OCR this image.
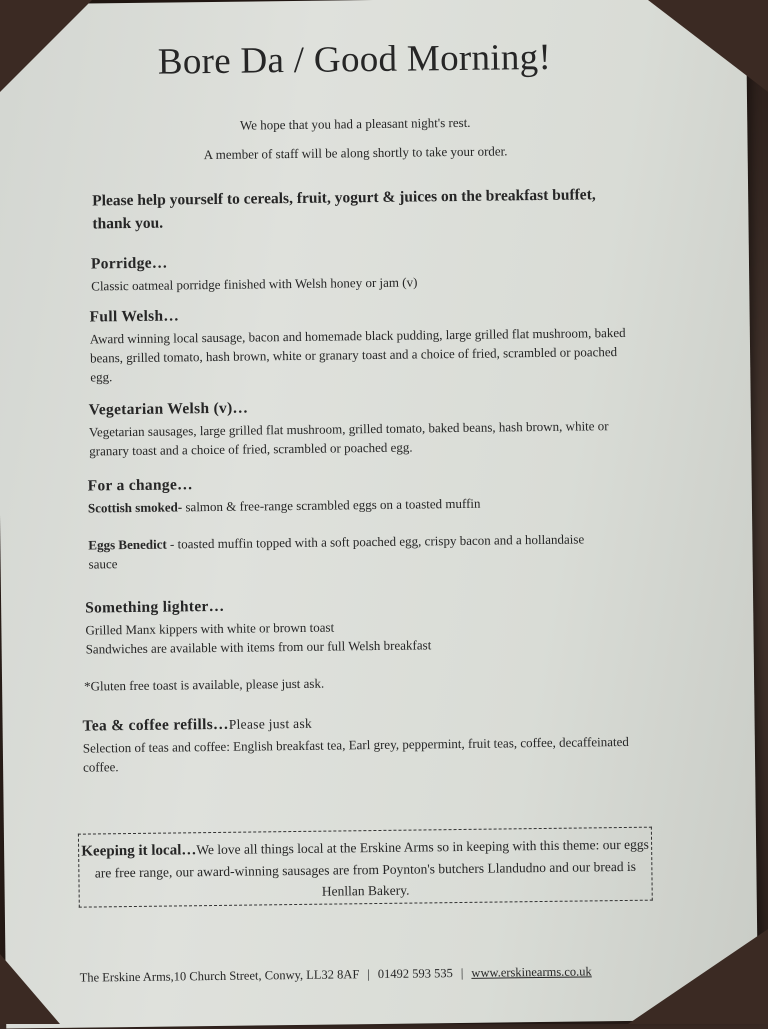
Bore Da / Good Morning!

We hope that you had a pleasant night's rest.

A member of staff will be along shortly to take your order.

Please help yourself to cereals, fruit, yogurt & juices on the breakfast buffet, thank you.

Porridge…

Classic oatmeal porridge finished with Welsh honey or jam (v)

Full Welsh…

Award winning local sausage, bacon and homemade black pudding, large grilled flat mushroom, baked beans, grilled tomato, hash brown, white or granary toast and a choice of fried, scrambled or poached egg.

Vegetarian Welsh (v)…

Vegetarian sausages, large grilled flat mushroom, grilled tomato, baked beans, hash brown, white or granary toast and a choice of fried, scrambled or poached egg.

For a change…

Scottish smoked- salmon & free-range scrambled eggs on a toasted muffin

Eggs Benedict - toasted muffin topped with a soft poached egg, crispy bacon and a hollandaise sauce

Something lighter…

Grilled Manx kippers with white or brown toast

Sandwiches are available with items from our full Welsh breakfast

*Gluten free toast is available, please just ask.

Tea & coffee refills…Please just ask

Selection of teas and coffee: English breakfast tea, Earl grey, peppermint, fruit teas, coffee, decaffeinated coffee.

Keeping it local…We love all things local at the Erskine Arms so in keeping with this theme: our eggs are free range, our award-winning sausages are from Poynton's butchers Llandudno and our bread is Henllan Bakery.
The Erskine Arms,10 Church Street, Conwy, LL32 8AF | 01492 593 535 | www.erskinearms.co.uk
